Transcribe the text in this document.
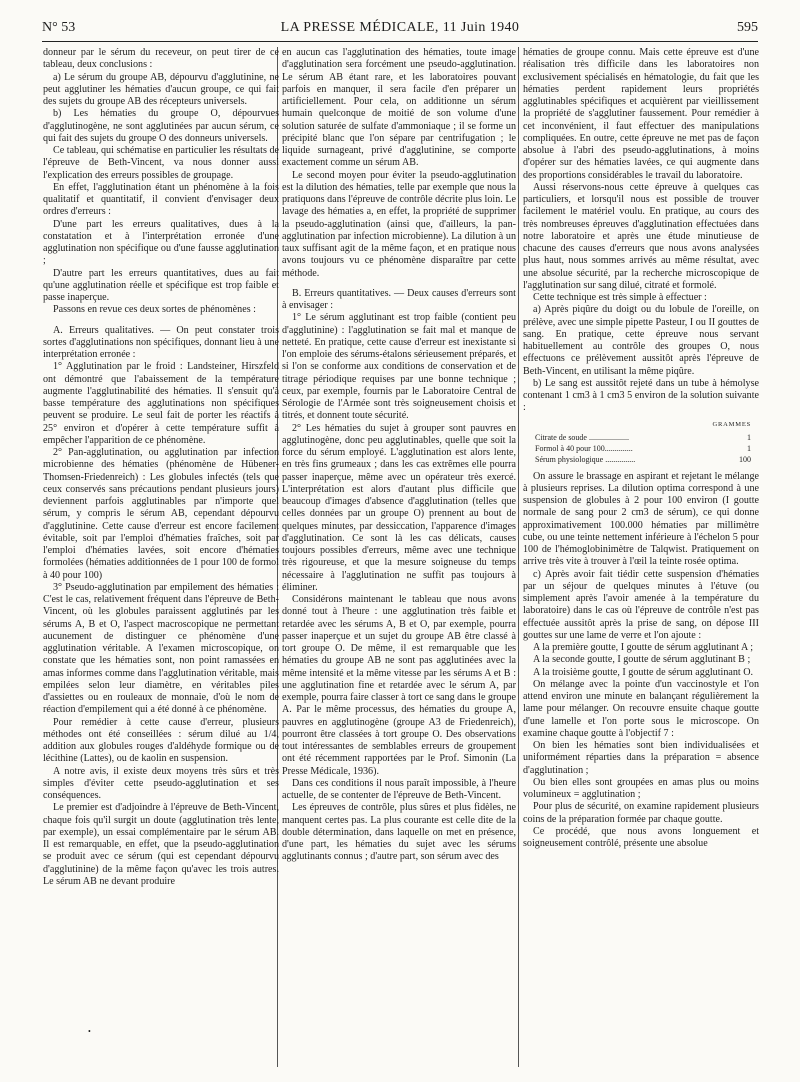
N° 53	LA PRESSE MÉDICALE, 11 Juin 1940	595

donneur par le sérum du receveur, on peut tirer de ce tableau, deux conclusions :

a) Le sérum du groupe AB, dépourvu d'agglutinine, ne peut agglutiner les hématies d'aucun groupe, ce qui fait des sujets du groupe AB des récepteurs universels.

b) Les hématies du groupe O, dépourvues d'agglutinogène, ne sont agglutinées par aucun sérum, ce qui fait des sujets du groupe O des donneurs universels.

Ce tableau, qui schématise en particulier les résultats de l'épreuve de Beth-Vincent, va nous donner aussi l'explication des erreurs possibles de groupage.

En effet, l'agglutination étant un phénomène à la fois qualitatif et quantitatif, il convient d'envisager deux ordres d'erreurs :

D'une part les erreurs qualitatives, dues à la constatation et à l'interprétation erronée d'une agglutination non spécifique ou d'une fausse agglutination ;

D'autre part les erreurs quantitatives, dues au fait qu'une agglutination réelle et spécifique est trop faible et passe inaperçue.

Passons en revue ces deux sortes de phénomènes :

A. Erreurs qualitatives. — On peut constater trois sortes d'agglutinations non spécifiques, donnant lieu à une interprétation erronée :

1° Agglutination par le froid : Landsteiner, Hirszfeld ont démontré que l'abaissement de la température augmente l'agglutinabilité des hématies. Il s'ensuit qu'à basse température des agglutinations non spécifiques peuvent se produire. Le seul fait de porter les réactifs à 25° environ et d'opérer à cette température suffit à empêcher l'apparition de ce phénomène.

2° Pan-agglutination, ou agglutination par infection microbienne des hématies (phénomène de Hübener-Thomsen-Friedenreich) : Les globules infectés (tels que ceux conservés sans précautions pendant plusieurs jours) deviennent parfois agglutinables par n'importe quel sérum, y compris le sérum AB, cependant dépourvu d'agglutinine. Cette cause d'erreur est encore facilement évitable, soit par l'emploi d'hématies fraîches, soit par l'emploi d'hématies lavées, soit encore d'hématies formolées (hématies additionnées de 1 pour 100 de formol à 40 pour 100)

3° Pseudo-agglutination par empilement des hématies : C'est le cas, relativement fréquent dans l'épreuve de Beth-Vincent, où les globules paraissent agglutinés par les sérums A, B et O, l'aspect macroscopique ne permettant aucunement de distinguer ce phénomène d'une agglutination véritable. A l'examen microscopique, on constate que les hématies sont, non point ramassées en amas informes comme dans l'agglutination véritable, mais empilées selon leur diamètre, en véritables piles d'assiettes ou en rouleaux de monnaie, d'où le nom de réaction d'empilement qui a été donné à ce phénomène.

Pour remédier à cette cause d'erreur, plusieurs méthodes ont été conseillées : sérum dilué au 1/4, addition aux globules rouges d'aldéhyde formique ou de lécithine (Lattes), ou de kaolin en suspension.

A notre avis, il existe deux moyens très sûrs et très simples d'éviter cette pseudo-agglutination et ses conséquences.

Le premier est d'adjoindre à l'épreuve de Beth-Vincent, chaque fois qu'il surgit un doute (agglutination très lente, par exemple), un essai complémentaire par le sérum AB. Il est remarquable, en effet, que la pseudo-agglutination se produit avec ce sérum (qui est cependant dépourvu d'agglutinine) de la même façon qu'avec les trois autres. Le sérum AB ne devant produire

en aucun cas l'agglutination des hématies, toute image d'agglutination sera forcément une pseudo-agglutination. Le sérum AB étant rare, et les laboratoires pouvant parfois en manquer, il sera facile d'en préparer un artificiellement. Pour cela, on additionne un sérum humain quelconque de moitié de son volume d'une solution saturée de sulfate d'ammoniaque ; il se forme un précipité blanc que l'on sépare par centrifugation ; le liquide surnageant, privé d'agglutinine, se comporte exactement comme un sérum AB.

Le second moyen pour éviter la pseudo-agglutination est la dilution des hématies, telle par exemple que nous la pratiquons dans l'épreuve de contrôle décrite plus loin. Le lavage des hématies a, en effet, la propriété de supprimer la pseudo-agglutination (ainsi que, d'ailleurs, la pan-agglutination par infection microbienne). La dilution à un taux suffisant agit de la même façon, et en pratique nous avons toujours vu ce phénomène disparaître par cette méthode.

B. Erreurs quantitatives. — Deux causes d'erreurs sont à envisager :

1° Le sérum agglutinant est trop faible (contient peu d'agglutinine) : l'agglutination se fait mal et manque de netteté. En pratique, cette cause d'erreur est inexistante si l'on emploie des sérums-étalons sérieusement préparés, et si l'on se conforme aux conditions de conservation et de titrage périodique requises par une bonne technique ; ceux, par exemple, fournis par le Laboratoire Central de Sérologie de l'Armée sont très soigneusement choisis et titrés, et donnent toute sécurité.

2° Les hématies du sujet à grouper sont pauvres en agglutinogène, donc peu agglutinables, quelle que soit la force du sérum employé. L'agglutination est alors lente, en très fins grumeaux ; dans les cas extrêmes elle pourra passer inaperçue, même avec un opérateur très exercé. L'interprétation est alors d'autant plus difficile que beaucoup d'images d'absence d'agglutination (telles que celles données par un groupe O) prennent au bout de quelques minutes, par dessiccation, l'apparence d'images d'agglutination. Ce sont là les cas délicats, causes toujours possibles d'erreurs, même avec une technique très rigoureuse, et que la mesure soigneuse du temps nécessaire à l'agglutination ne suffit pas toujours à éliminer.

Considérons maintenant le tableau que nous avons donné tout à l'heure : une agglutination très faible et retardée avec les sérums A, B et O, par exemple, pourra passer inaperçue et un sujet du groupe AB être classé à tort groupe O. De même, il est remarquable que les hématies du groupe AB ne sont pas agglutinées avec la même intensité et la même vitesse par les sérums A et B : une agglutination fine et retardée avec le sérum A, par exemple, pourra faire classer à tort ce sang dans le groupe A. Par le même processus, des hématies du groupe A, pauvres en agglutinogène (groupe A3 de Friedenreich), pourront être classées à tort groupe O. Des observations tout intéressantes de semblables erreurs de groupement ont été récemment rapportées par le Prof. Simonin (La Presse Médicale, 1936).

Dans ces conditions il nous paraît impossible, à l'heure actuelle, de se contenter de l'épreuve de Beth-Vincent.

Les épreuves de contrôle, plus sûres et plus fidèles, ne manquent certes pas. La plus courante est celle dite de la double détermination, dans laquelle on met en présence, d'une part, les hématies du sujet avec les sérums agglutinants connus ; d'autre part, son sérum avec des

hématies de groupe connu. Mais cette épreuve est d'une réalisation très difficile dans les laboratoires non exclusivement spécialisés en hématologie, du fait que les hématies perdent rapidement leurs propriétés agglutinables spécifiques et acquièrent par vieillissement la propriété de s'agglutiner faussement. Pour remédier à cet inconvénient, il faut effectuer des manipulations compliquées. En outre, cette épreuve ne met pas de façon absolue à l'abri des pseudo-agglutinations, à moins d'opérer sur des hématies lavées, ce qui augmente dans des proportions considérables le travail du laboratoire.

Aussi réservons-nous cette épreuve à quelques cas particuliers, et lorsqu'il nous est possible de trouver facilement le matériel voulu. En pratique, au cours des très nombreuses épreuves d'agglutination effectuées dans notre laboratoire et après une étude minutieuse de chacune des causes d'erreurs que nous avons analysées plus haut, nous sommes arrivés au même résultat, avec une absolue sécurité, par la recherche microscopique de l'agglutination sur sang dilué, citraté et formolé.

Cette technique est très simple à effectuer :

a) Après piqûre du doigt ou du lobule de l'oreille, on prélève, avec une simple pipette Pasteur, I ou II gouttes de sang. En pratique, cette épreuve nous servant habituellement au contrôle des groupes O, nous effectuons ce prélèvement aussitôt après l'épreuve de Beth-Vincent, en utilisant la même piqûre.

b) Le sang est aussitôt rejeté dans un tube à hémolyse contenant 1 cm3 à 1 cm3 5 environ de la solution suivante :

GRAMMES
Citrate de soude ....................	1
Formol à 40 pour 100..............	1
Sérum physiologique ...............	100

On assure le brassage en aspirant et rejetant le mélange à plusieurs reprises. La dilution optima correspond à une suspension de globules à 2 pour 100 environ (I goutte normale de sang pour 2 cm3 de sérum), ce qui donne approximativement 100.000 hématies par millimètre cube, ou une teinte nettement inférieure à l'échelon 5 pour 100 de l'hémoglobinimètre de Talqwist. Pratiquement on arrive très vite à trouver à l'œil la teinte rosée optima.

c) Après avoir fait tiédir cette suspension d'hématies par un séjour de quelques minutes à l'étuve (ou simplement après l'avoir amenée à la température du laboratoire) dans le cas où l'épreuve de contrôle n'est pas effectuée aussitôt après la prise de sang, on dépose III gouttes sur une lame de verre et l'on ajoute :

A la première goutte, I goutte de sérum agglutinant A ;

A la seconde goutte, I goutte de sérum agglutinant B ;

A la troisième goutte, I goutte de sérum agglutinant O.

On mélange avec la pointe d'un vaccinostyle et l'on attend environ une minute en balançant régulièrement la lame pour mélanger. On recouvre ensuite chaque goutte d'une lamelle et l'on porte sous le microscope. On examine chaque goutte à l'objectif 7 :

On bien les hématies sont bien individualisées et uniformément réparties dans la préparation = absence d'agglutination ;

Ou bien elles sont groupées en amas plus ou moins volumineux = agglutination ;

Pour plus de sécurité, on examine rapidement plusieurs coins de la préparation formée par chaque goutte.

Ce procédé, que nous avons longuement et soigneusement contrôlé, présente une absolue

•
